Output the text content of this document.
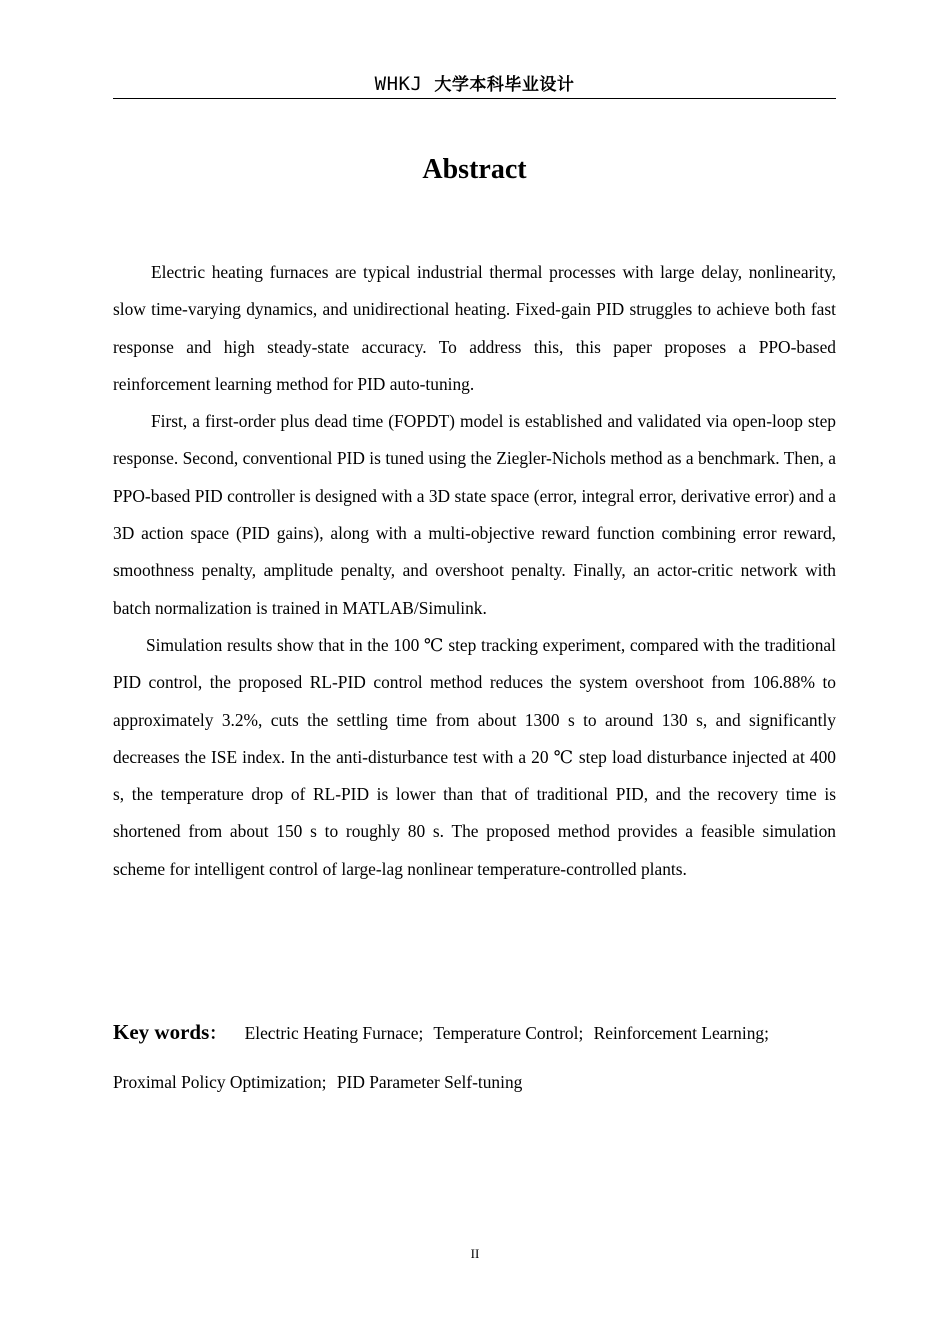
WHKJ 大学本科毕业设计
Abstract

Electric heating furnaces are typical industrial thermal processes with large delay, nonlinearity, slow time-varying dynamics, and unidirectional heating. Fixed-gain PID struggles to achieve both fast response and high steady-state accuracy. To address this, this paper proposes a PPO-based reinforcement learning method for PID auto-tuning.

First, a first-order plus dead time (FOPDT) model is established and validated via open-loop step response. Second, conventional PID is tuned using the Ziegler-Nichols method as a benchmark. Then, a PPO-based PID controller is designed with a 3D state space (error, integral error, derivative error) and a 3D action space (PID gains), along with a multi-objective reward function combining error reward, smoothness penalty, amplitude penalty, and overshoot penalty. Finally, an actor-critic network with batch normalization is trained in MATLAB/Simulink.

Simulation results show that in the 100 ℃ step tracking experiment, compared with the traditional PID control, the proposed RL-PID control method reduces the system overshoot from 106.88% to approximately 3.2%, cuts the settling time from about 1300 s to around 130 s, and significantly decreases the ISE index. In the anti-disturbance test with a 20 ℃ step load disturbance injected at 400 s, the temperature drop of RL-PID is lower than that of traditional PID, and the recovery time is shortened from about 150 s to roughly 80 s. The proposed method provides a feasible simulation scheme for intelligent control of large-lag nonlinear temperature-controlled plants.

Key words： Electric Heating Furnace; Temperature Control; Reinforcement Learning;
Proximal Policy Optimization; PID Parameter Self-tuning
II
